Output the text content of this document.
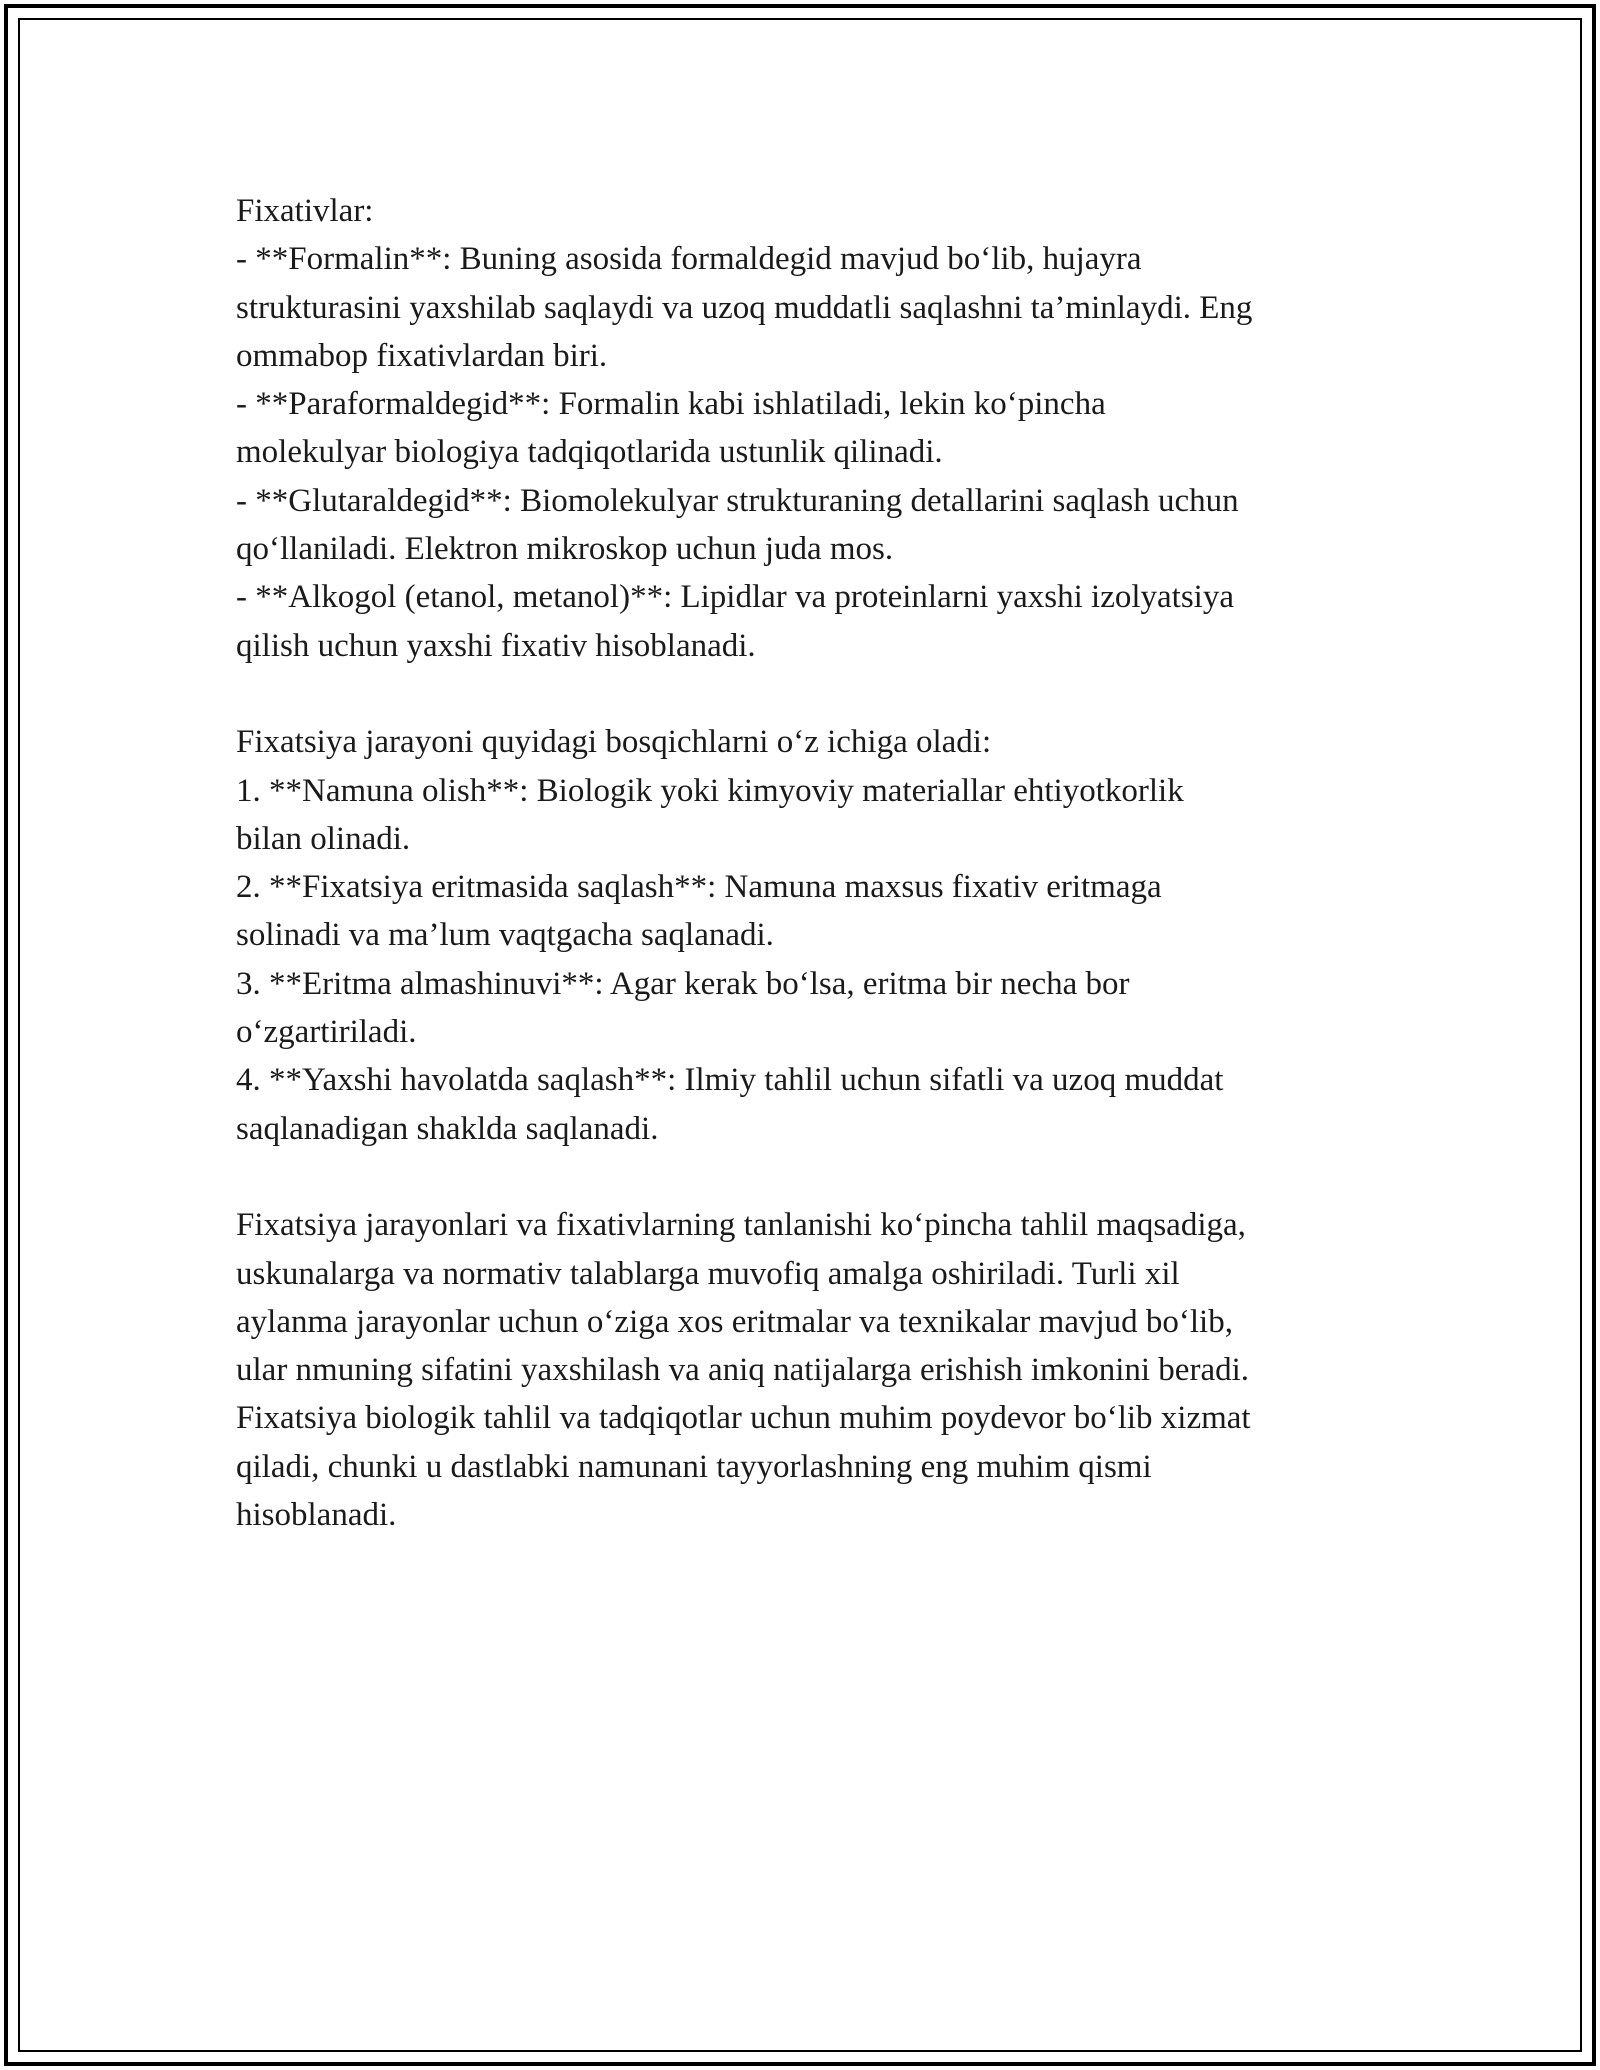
Fixativlar:
- **Formalin**: Buning asosida formaldegid mavjud bo‘lib, hujayra
strukturasini yaxshilab saqlaydi va uzoq muddatli saqlashni ta’minlaydi. Eng
ommabop fixativlardan biri.
- **Paraformaldegid**: Formalin kabi ishlatiladi, lekin ko‘pincha
molekulyar biologiya tadqiqotlarida ustunlik qilinadi.
- **Glutaraldegid**: Biomolekulyar strukturaning detallarini saqlash uchun
qo‘llaniladi. Elektron mikroskop uchun juda mos.
- **Alkogol (etanol, metanol)**: Lipidlar va proteinlarni yaxshi izolyatsiya
qilish uchun yaxshi fixativ hisoblanadi.
Fixatsiya jarayoni quyidagi bosqichlarni o‘z ichiga oladi:
1. **Namuna olish**: Biologik yoki kimyoviy materiallar ehtiyotkorlik
bilan olinadi.
2. **Fixatsiya eritmasida saqlash**: Namuna maxsus fixativ eritmaga
solinadi va ma’lum vaqtgacha saqlanadi.
3. **Eritma almashinuvi**: Agar kerak bo‘lsa, eritma bir necha bor
o‘zgartiriladi.
4. **Yaxshi havolatda saqlash**: Ilmiy tahlil uchun sifatli va uzoq muddat
saqlanadigan shaklda saqlanadi.
Fixatsiya jarayonlari va fixativlarning tanlanishi ko‘pincha tahlil maqsadiga,
uskunalarga va normativ talablarga muvofiq amalga oshiriladi. Turli xil
aylanma jarayonlar uchun o‘ziga xos eritmalar va texnikalar mavjud bo‘lib,
ular nmuning sifatini yaxshilash va aniq natijalarga erishish imkonini beradi.
Fixatsiya biologik tahlil va tadqiqotlar uchun muhim poydevor bo‘lib xizmat
qiladi, chunki u dastlabki namunani tayyorlashning eng muhim qismi
hisoblanadi.
